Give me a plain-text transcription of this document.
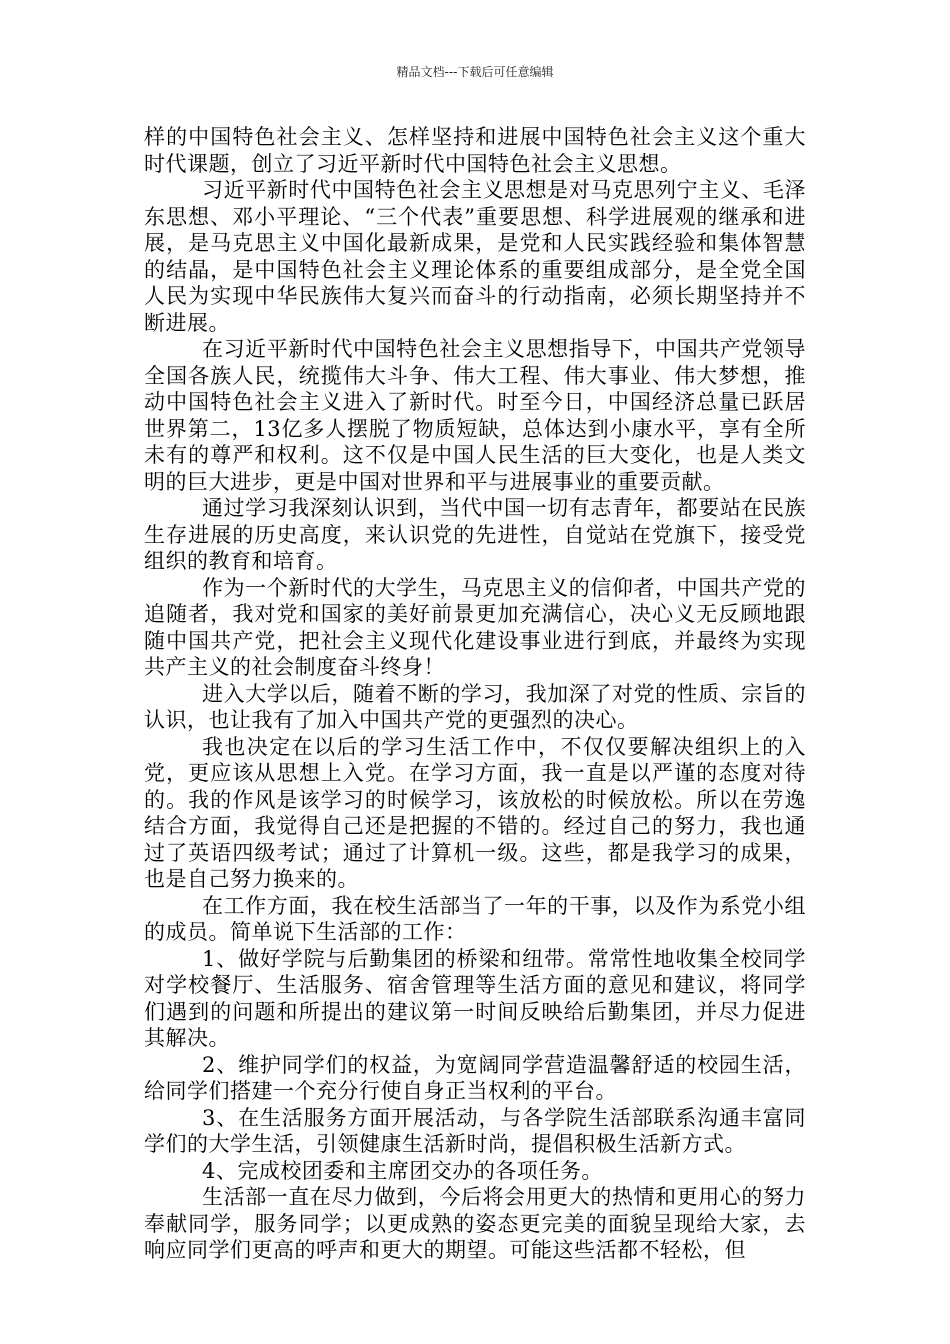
精品文档---下载后可任意编辑

样的中国特色社会主义、怎样坚持和进展中国特色社会主义这个重大时代课题，创立了习近平新时代中国特色社会主义思想。

习近平新时代中国特色社会主义思想是对马克思列宁主义、毛泽东思想、邓小平理论、“三个代表”重要思想、科学进展观的继承和进展，是马克思主义中国化最新成果，是党和人民实践经验和集体智慧的结晶，是中国特色社会主义理论体系的重要组成部分，是全党全国人民为实现中华民族伟大复兴而奋斗的行动指南，必须长期坚持并不断进展。

在习近平新时代中国特色社会主义思想指导下，中国共产党领导全国各族人民，统揽伟大斗争、伟大工程、伟大事业、伟大梦想，推动中国特色社会主义进入了新时代。时至今日，中国经济总量已跃居世界第二，13亿多人摆脱了物质短缺，总体达到小康水平，享有全所未有的尊严和权利。这不仅是中国人民生活的巨大变化，也是人类文明的巨大进步，更是中国对世界和平与进展事业的重要贡献。

通过学习我深刻认识到，当代中国一切有志青年，都要站在民族生存进展的历史高度，来认识党的先进性，自觉站在党旗下，接受党组织的教育和培育。

作为一个新时代的大学生，马克思主义的信仰者，中国共产党的追随者，我对党和国家的美好前景更加充满信心，决心义无反顾地跟随中国共产党，把社会主义现代化建设事业进行到底，并最终为实现共产主义的社会制度奋斗终身！

进入大学以后，随着不断的学习，我加深了对党的性质、宗旨的认识，也让我有了加入中国共产党的更强烈的决心。

我也决定在以后的学习生活工作中，不仅仅要解决组织上的入党，更应该从思想上入党。在学习方面，我一直是以严谨的态度对待的。我的作风是该学习的时候学习，该放松的时候放松。所以在劳逸结合方面，我觉得自己还是把握的不错的。经过自己的努力，我也通过了英语四级考试；通过了计算机一级。这些，都是我学习的成果，也是自己努力换来的。

在工作方面，我在校生活部当了一年的干事，以及作为系党小组的成员。简单说下生活部的工作：

1、做好学院与后勤集团的桥梁和纽带。常常性地收集全校同学对学校餐厅、生活服务、宿舍管理等生活方面的意见和建议，将同学们遇到的问题和所提出的建议第一时间反映给后勤集团，并尽力促进其解决。

2、维护同学们的权益，为宽阔同学营造温馨舒适的校园生活，给同学们搭建一个充分行使自身正当权利的平台。

3、在生活服务方面开展活动，与各学院生活部联系沟通丰富同学们的大学生活，引领健康生活新时尚，提倡积极生活新方式。

4、完成校团委和主席团交办的各项任务。

生活部一直在尽力做到，今后将会用更大的热情和更用心的努力奉献同学，服务同学；以更成熟的姿态更完美的面貌呈现给大家，去响应同学们更高的呼声和更大的期望。可能这些活都不轻松，但
